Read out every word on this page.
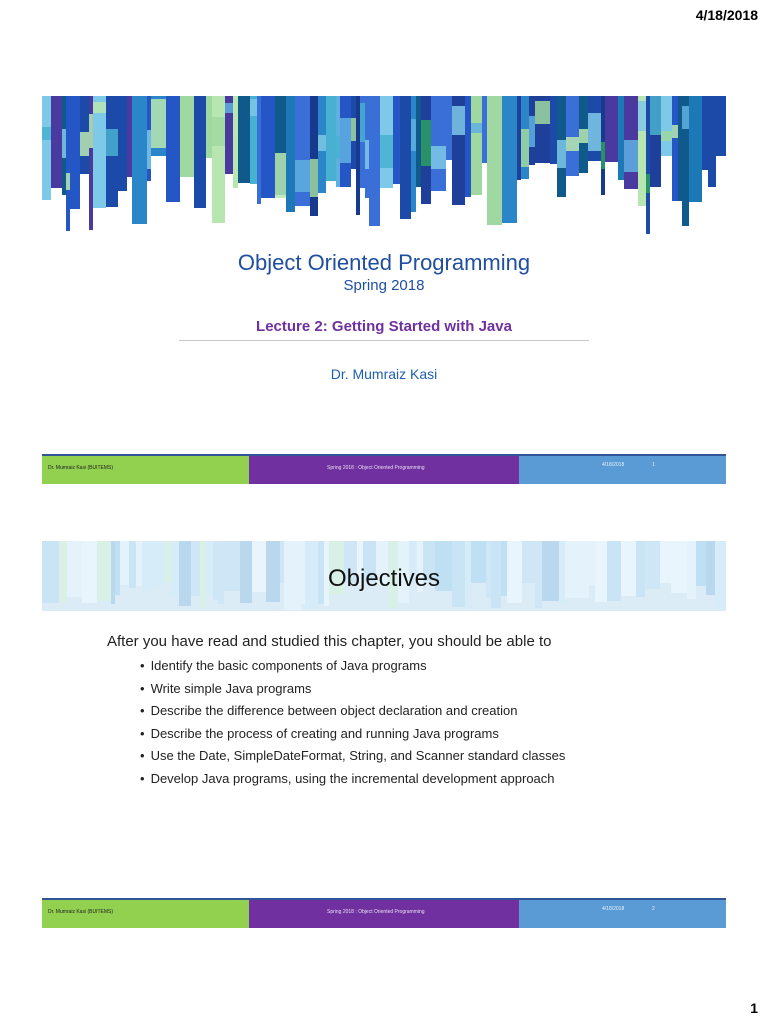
4/18/2018
Object Oriented Programming
Spring 2018
Lecture 2: Getting Started with Java
Dr. Mumraiz Kasi
Dr. Mumraiz Kasi (BUITEMS)	Spring 2018 : Object Oriented Programming	4/18/2018	1
Objectives
After you have read and studied this chapter, you should be able to
• Identify the basic components of Java programs
• Write simple Java programs
• Describe the difference between object declaration and creation
• Describe the process of creating and running Java programs
• Use the Date, SimpleDateFormat, String, and Scanner standard classes
• Develop Java programs, using the incremental development approach
Dr. Mumraiz Kasi (BUITEMS)	Spring 2018 : Object Oriented Programming	4/18/2018	2
1
